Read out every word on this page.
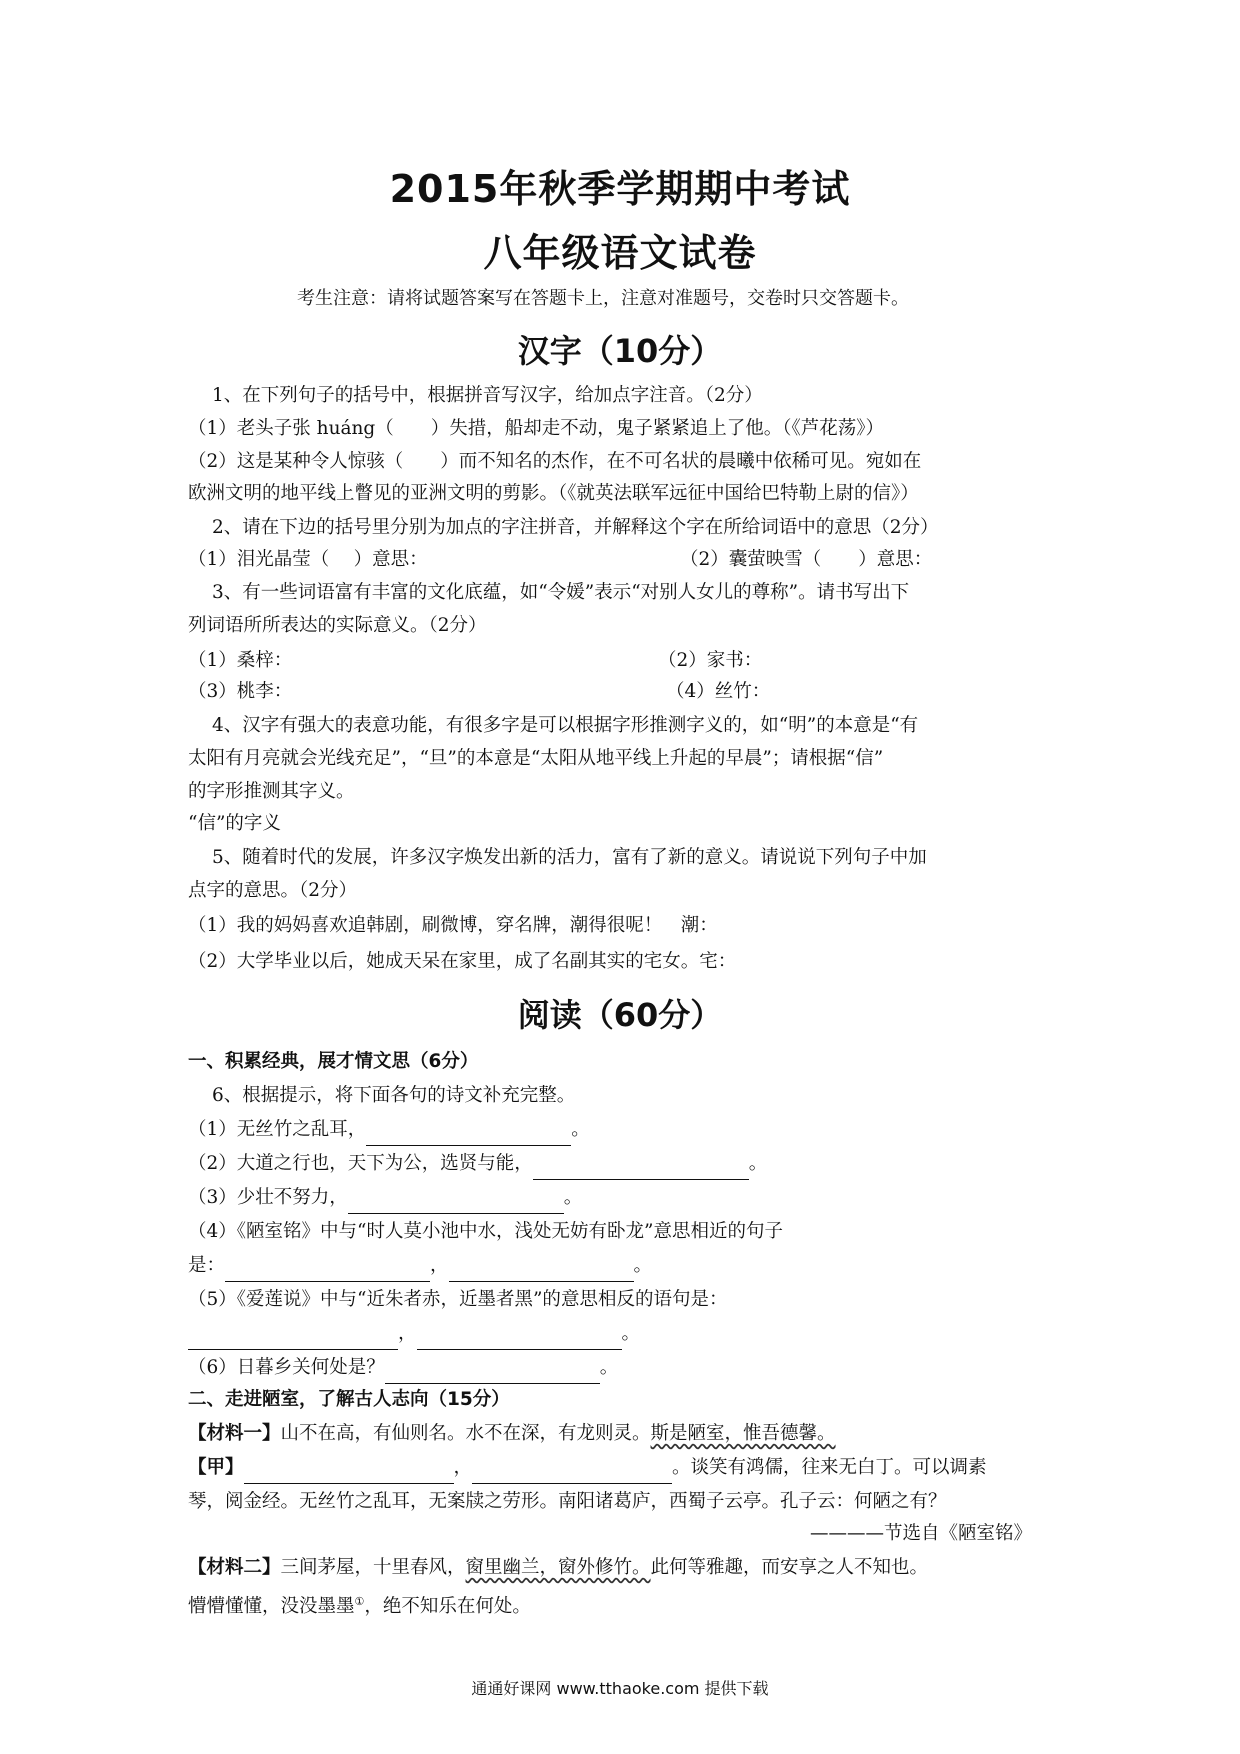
2015年秋季学期期中考试
八年级语文试卷
考生注意：请将试题答案写在答题卡上，注意对准题号，交卷时只交答题卡。
汉字（10分）
1、在下列句子的括号中，根据拼音写汉字，给加点字注音。（2分）
（1）老头子张 huáng（　　）失措，船却走不动，鬼子紧紧追上了他。（《芦花荡》）
（2）这是某种令人惊骇（　　）而不知名的杰作，在不可名状的晨曦中依稀可见。宛如在
欧洲文明的地平线上瞥见的亚洲文明的剪影。（《就英法联军远征中国给巴特勒上尉的信》）
2、请在下边的括号里分别为加点的字注拼音，并解释这个字在所给词语中的意思（2分）
（1）泪光晶莹（　 ）意思：	（2）囊萤映雪（　　）意思：
3、有一些词语富有丰富的文化底蕴，如“令媛”表示“对别人女儿的尊称”。请书写出下
列词语所所表达的实际意义。（2分）
（1）桑梓：	（2）家书：
（3）桃李：	（4）丝竹：
4、汉字有强大的表意功能，有很多字是可以根据字形推测字义的，如“明”的本意是“有
太阳有月亮就会光线充足”，“旦”的本意是“太阳从地平线上升起的早晨”；请根据“信”
的字形推测其字义。
“信”的字义
5、随着时代的发展，许多汉字焕发出新的活力，富有了新的意义。请说说下列句子中加
点字的意思。（2分）
（1）我的妈妈喜欢追韩剧，刷微博，穿名牌，潮得很呢！　潮：
（2）大学毕业以后，她成天呆在家里，成了名副其实的宅女。宅：
阅读（60分）
一、积累经典，展才情文思（6分）
6、根据提示，将下面各句的诗文补充完整。
（1）无丝竹之乱耳，	。
（2）大道之行也，天下为公，选贤与能，	。
（3）少壮不努力，	。
（4）《陋室铭》中与“时人莫小池中水，浅处无妨有卧龙”意思相近的句子
是：	，	。
（5）《爱莲说》中与“近朱者赤，近墨者黑”的意思相反的语句是：
，	。
（6）日暮乡关何处是？	。
二、走进陋室，了解古人志向（15分）
【材料一】山不在高，有仙则名。水不在深，有龙则灵。斯是陋室，惟吾德馨。
【甲】	，	。谈笑有鸿儒，往来无白丁。可以调素
琴，阅金经。无丝竹之乱耳，无案牍之劳形。南阳诸葛庐，西蜀子云亭。孔子云：何陋之有？
————节选自《陋室铭》
【材料二】三间茅屋，十里春风，窗里幽兰，窗外修竹。此何等雅趣，而安享之人不知也。
懵懵懂懂，没没墨墨①，绝不知乐在何处。
通通好课网 www.tthaoke.com 提供下载
